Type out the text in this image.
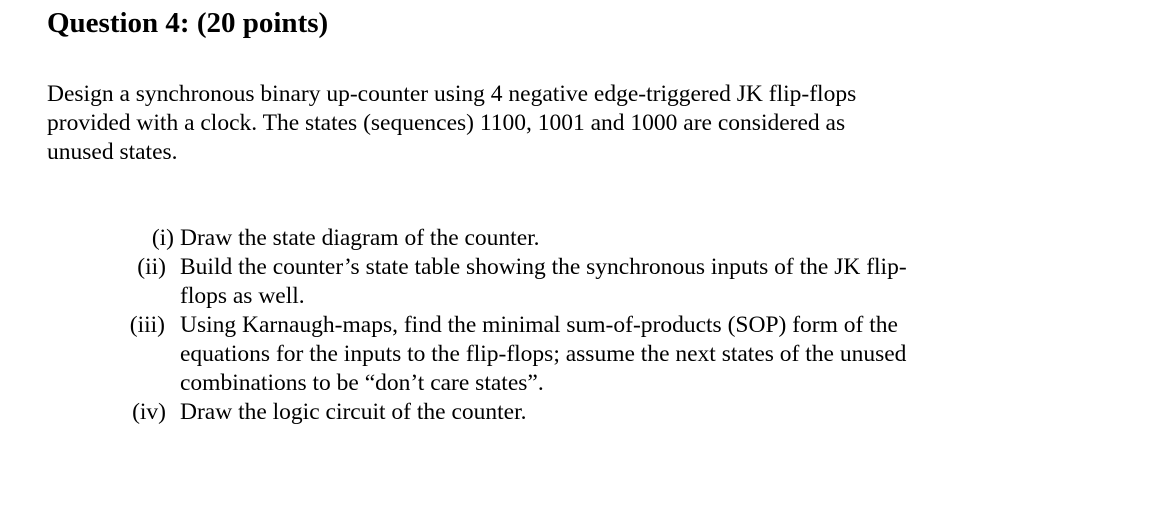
Question 4: (20 points)

Design a synchronous binary up-counter using 4 negative edge-triggered JK flip-flops
provided with a clock. The states (sequences) 1100, 1001 and 1000 are considered as
unused states.

(i) Draw the state diagram of the counter.
(ii) Build the counter’s state table showing the synchronous inputs of the JK flip-
flops as well.
(iii) Using Karnaugh-maps, find the minimal sum-of-products (SOP) form of the
equations for the inputs to the flip-flops; assume the next states of the unused
combinations to be “don’t care states”.
(iv) Draw the logic circuit of the counter.
